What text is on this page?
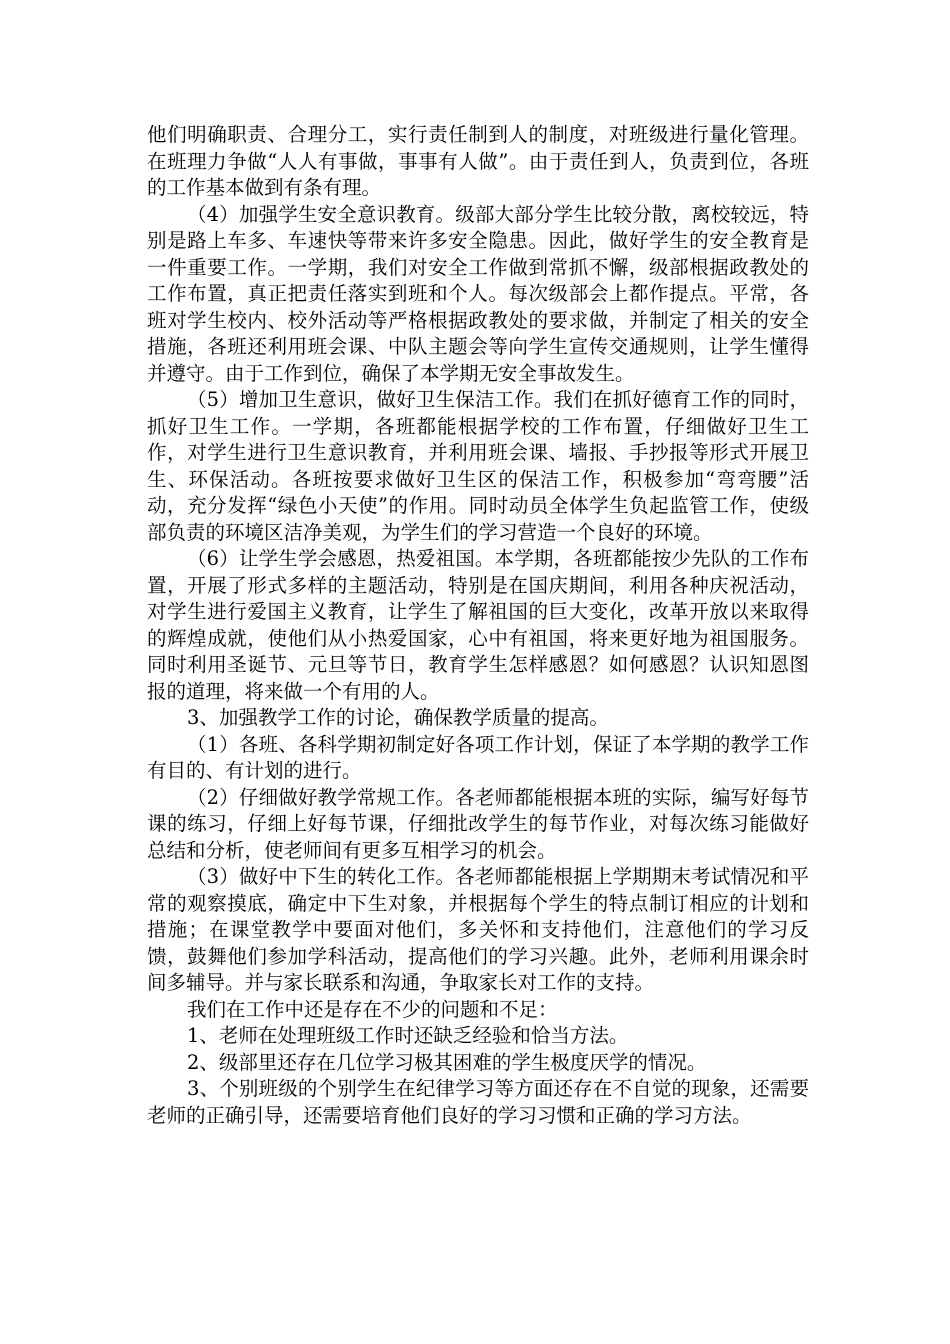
他们明确职责、合理分工，实行责任制到人的制度，对班级进行量化管理。在班理力争做“人人有事做，事事有人做”。由于责任到人，负责到位，各班的工作基本做到有条有理。

（4）加强学生安全意识教育。级部大部分学生比较分散，离校较远，特别是路上车多、车速快等带来许多安全隐患。因此，做好学生的安全教育是一件重要工作。一学期，我们对安全工作做到常抓不懈，级部根据政教处的工作布置，真正把责任落实到班和个人。每次级部会上都作提点。平常，各班对学生校内、校外活动等严格根据政教处的要求做，并制定了相关的安全措施，各班还利用班会课、中队主题会等向学生宣传交通规则，让学生懂得并遵守。由于工作到位，确保了本学期无安全事故发生。

（5）增加卫生意识，做好卫生保洁工作。我们在抓好德育工作的同时，抓好卫生工作。一学期，各班都能根据学校的工作布置，仔细做好卫生工作，对学生进行卫生意识教育，并利用班会课、墙报、手抄报等形式开展卫生、环保活动。各班按要求做好卫生区的保洁工作，积极参加“弯弯腰”活动，充分发挥“绿色小天使”的作用。同时动员全体学生负起监管工作，使级部负责的环境区洁净美观，为学生们的学习营造一个良好的环境。

（6）让学生学会感恩，热爱祖国。本学期，各班都能按少先队的工作布置，开展了形式多样的主题活动，特别是在国庆期间，利用各种庆祝活动，对学生进行爱国主义教育，让学生了解祖国的巨大变化，改革开放以来取得的辉煌成就，使他们从小热爱国家，心中有祖国，将来更好地为祖国服务。同时利用圣诞节、元旦等节日，教育学生怎样感恩？如何感恩？认识知恩图报的道理，将来做一个有用的人。

3、加强教学工作的讨论，确保教学质量的提高。

（1）各班、各科学期初制定好各项工作计划，保证了本学期的教学工作有目的、有计划的进行。

（2）仔细做好教学常规工作。各老师都能根据本班的实际，编写好每节课的练习，仔细上好每节课，仔细批改学生的每节作业，对每次练习能做好总结和分析，使老师间有更多互相学习的机会。

（3）做好中下生的转化工作。各老师都能根据上学期期末考试情况和平常的观察摸底，确定中下生对象，并根据每个学生的特点制订相应的计划和措施；在课堂教学中要面对他们，多关怀和支持他们，注意他们的学习反馈，鼓舞他们参加学科活动，提高他们的学习兴趣。此外，老师利用课余时间多辅导。并与家长联系和沟通，争取家长对工作的支持。

我们在工作中还是存在不少的问题和不足：

1、老师在处理班级工作时还缺乏经验和恰当方法。

2、级部里还存在几位学习极其困难的学生极度厌学的情况。

3、个别班级的个别学生在纪律学习等方面还存在不自觉的现象，还需要老师的正确引导，还需要培育他们良好的学习习惯和正确的学习方法。
